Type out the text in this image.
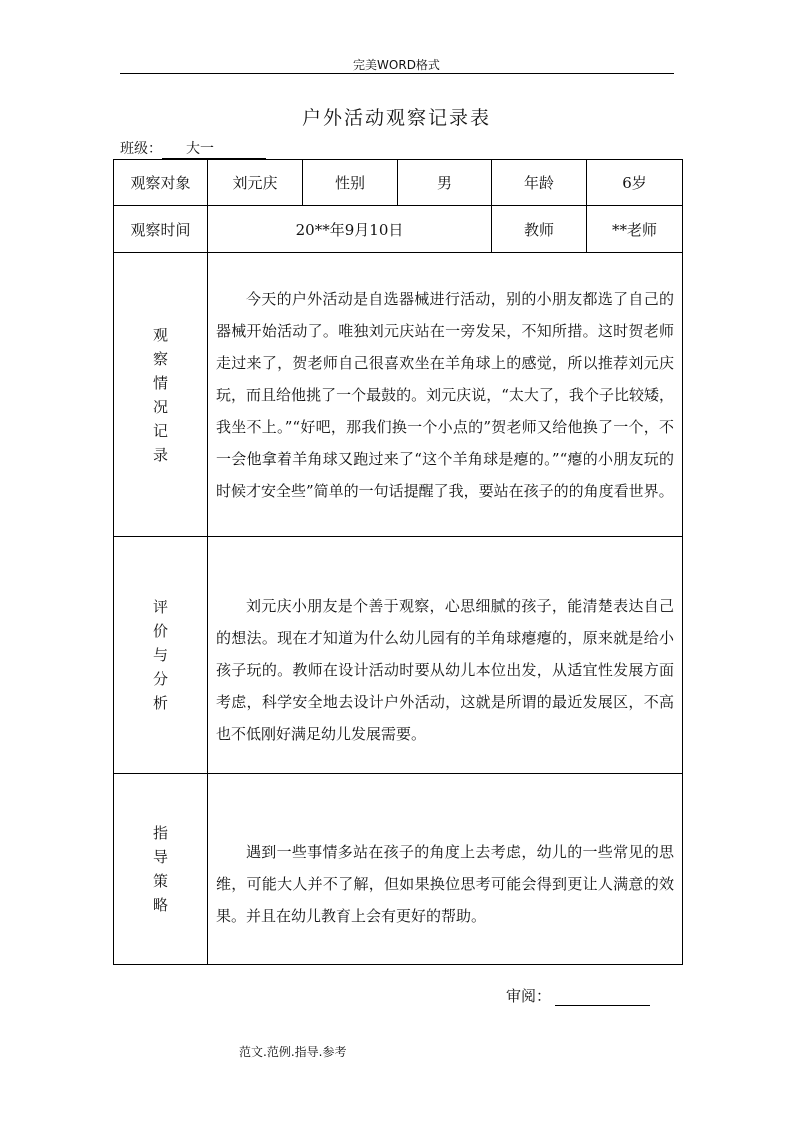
完美WORD格式
户外活动观察记录表
班级： 大一
观察对象	刘元庆	性别	男	年龄	6岁
观察时间	20**年9月10日			教师	**老师
观察情况记录	今天的户外活动是自选器械进行活动，别的小朋友都选了自己的器械开始活动了。唯独刘元庆站在一旁发呆，不知所措。这时贺老师走过来了，贺老师自己很喜欢坐在羊角球上的感觉，所以推荐刘元庆玩，而且给他挑了一个最鼓的。刘元庆说，“太大了，我个子比较矮，我坐不上。”“好吧，那我们换一个小点的”贺老师又给他换了一个，不一会他拿着羊角球又跑过来了“这个羊角球是瘪的。”“瘪的小朋友玩的时候才安全些”简单的一句话提醒了我，要站在孩子的的角度看世界。				

评价与分析	刘元庆小朋友是个善于观察，心思细腻的孩子，能清楚表达自己的想法。现在才知道为什么幼儿园有的羊角球瘪瘪的，原来就是给小孩子玩的。教师在设计活动时要从幼儿本位出发，从适宜性发展方面考虑，科学安全地去设计户外活动，这就是所谓的最近发展区，不高也不低刚好满足幼儿发展需要。				

指导策略	遇到一些事情多站在孩子的角度上去考虑，幼儿的一些常见的思维，可能大人并不了解，但如果换位思考可能会得到更让人满意的效果。并且在幼儿教育上会有更好的帮助。				
审阅：
范文.范例.指导.参考
